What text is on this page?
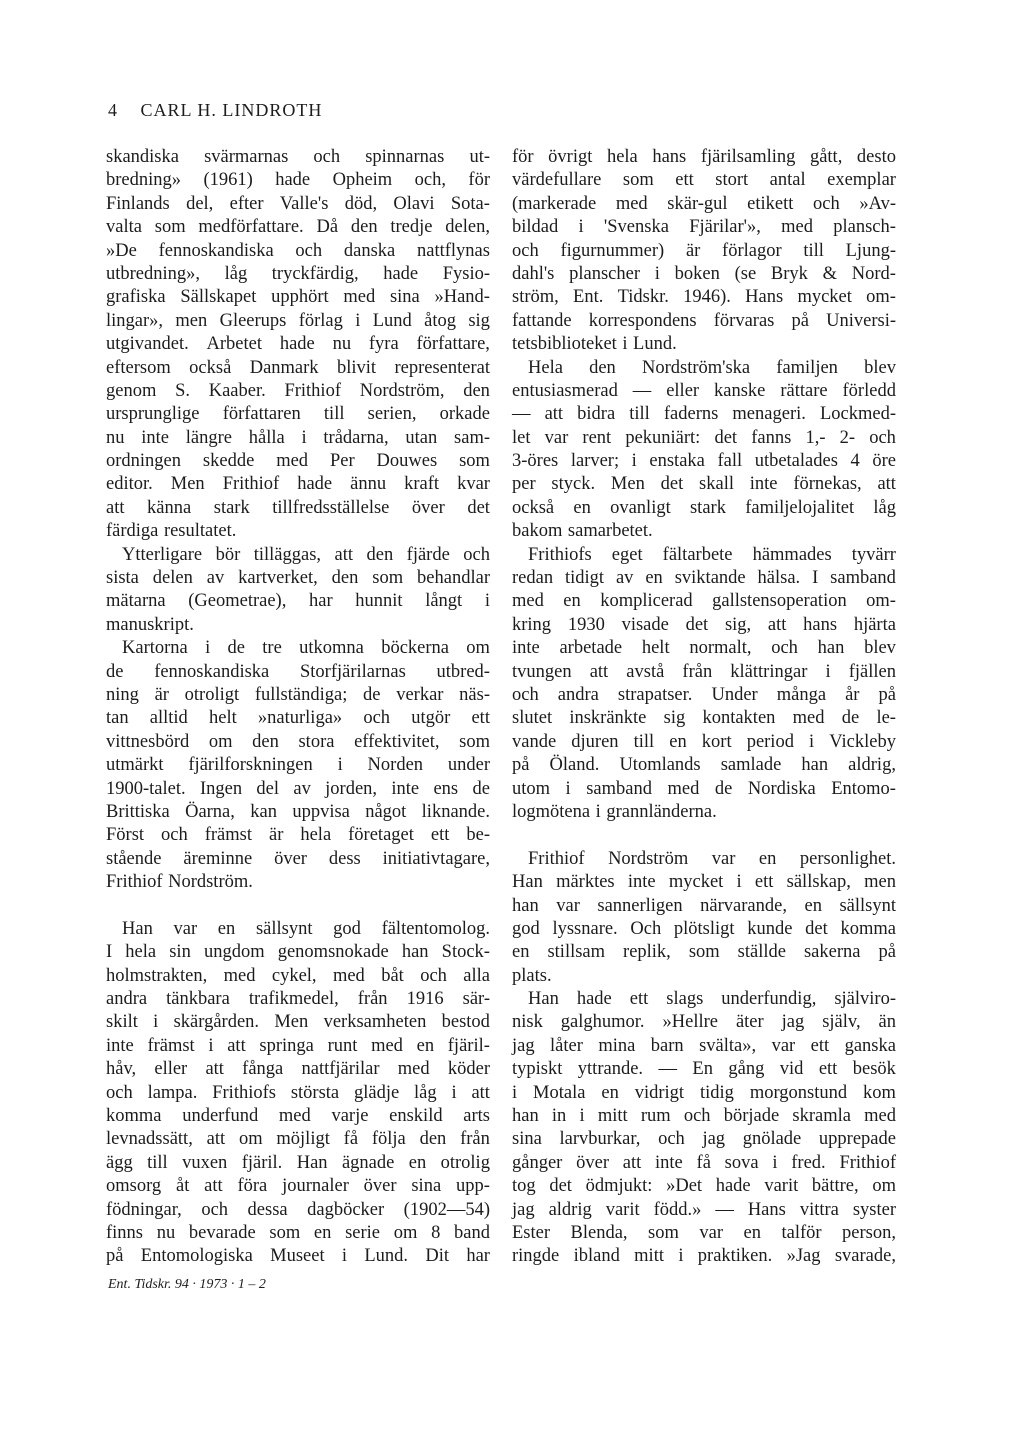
4 CARL H. LINDROTH
skandiska svärmarnas och spinnarnas ut-
bredning» (1961) hade Opheim och, för
Finlands del, efter Valle's död, Olavi Sota-
valta som medförfattare. Då den tredje delen,
»De fennoskandiska och danska nattflynas
utbredning», låg tryckfärdig, hade Fysio-
grafiska Sällskapet upphört med sina »Hand-
lingar», men Gleerups förlag i Lund åtog sig
utgivandet. Arbetet hade nu fyra författare,
eftersom också Danmark blivit representerat
genom S. Kaaber. Frithiof Nordström, den
ursprunglige författaren till serien, orkade
nu inte längre hålla i trådarna, utan sam-
ordningen skedde med Per Douwes som
editor. Men Frithiof hade ännu kraft kvar
att känna stark tillfredsställelse över det
färdiga resultatet.
Ytterligare bör tilläggas, att den fjärde och
sista delen av kartverket, den som behandlar
mätarna (Geometrae), har hunnit långt i
manuskript.
Kartorna i de tre utkomna böckerna om
de fennoskandiska Storfjärilarnas utbred-
ning är otroligt fullständiga; de verkar näs-
tan alltid helt »naturliga» och utgör ett
vittnesbörd om den stora effektivitet, som
utmärkt fjärilforskningen i Norden under
1900-talet. Ingen del av jorden, inte ens de
Brittiska Öarna, kan uppvisa något liknande.
Först och främst är hela företaget ett be-
stående äreminne över dess initiativtagare,
Frithiof Nordström.
Han var en sällsynt god fältentomolog.
I hela sin ungdom genomsnokade han Stock-
holmstrakten, med cykel, med båt och alla
andra tänkbara trafikmedel, från 1916 sär-
skilt i skärgården. Men verksamheten bestod
inte främst i att springa runt med en fjäril-
håv, eller att fånga nattfjärilar med köder
och lampa. Frithiofs största glädje låg i att
komma underfund med varje enskild arts
levnadssätt, att om möjligt få följa den från
ägg till vuxen fjäril. Han ägnade en otrolig
omsorg åt att föra journaler över sina upp-
födningar, och dessa dagböcker (1902—54)
finns nu bevarade som en serie om 8 band
på Entomologiska Museet i Lund. Dit har
för övrigt hela hans fjärilsamling gått, desto
värdefullare som ett stort antal exemplar
(markerade med skär-gul etikett och »Av-
bildad i 'Svenska Fjärilar'», med plansch-
och figurnummer) är förlagor till Ljung-
dahl's planscher i boken (se Bryk & Nord-
ström, Ent. Tidskr. 1946). Hans mycket om-
fattande korrespondens förvaras på Universi-
tetsbiblioteket i Lund.
Hela den Nordström'ska familjen blev
entusiasmerad — eller kanske rättare förledd
— att bidra till faderns menageri. Lockmed-
let var rent pekuniärt: det fanns 1,- 2- och
3-öres larver; i enstaka fall utbetalades 4 öre
per styck. Men det skall inte förnekas, att
också en ovanligt stark familjelojalitet låg
bakom samarbetet.
Frithiofs eget fältarbete hämmades tyvärr
redan tidigt av en sviktande hälsa. I samband
med en komplicerad gallstensoperation om-
kring 1930 visade det sig, att hans hjärta
inte arbetade helt normalt, och han blev
tvungen att avstå från klättringar i fjällen
och andra strapatser. Under många år på
slutet inskränkte sig kontakten med de le-
vande djuren till en kort period i Vickleby
på Öland. Utomlands samlade han aldrig,
utom i samband med de Nordiska Entomo-
logmötena i grannländerna.
Frithiof Nordström var en personlighet.
Han märktes inte mycket i ett sällskap, men
han var sannerligen närvarande, en sällsynt
god lyssnare. Och plötsligt kunde det komma
en stillsam replik, som ställde sakerna på
plats.
Han hade ett slags underfundig, själviro-
nisk galghumor. »Hellre äter jag själv, än
jag låter mina barn svälta», var ett ganska
typiskt yttrande. — En gång vid ett besök
i Motala en vidrigt tidig morgonstund kom
han in i mitt rum och började skramla med
sina larvburkar, och jag gnölade upprepade
gånger över att inte få sova i fred. Frithiof
tog det ödmjukt: »Det hade varit bättre, om
jag aldrig varit född.» — Hans vittra syster
Ester Blenda, som var en talför person,
ringde ibland mitt i praktiken. »Jag svarade,
Ent. Tidskr. 94 · 1973 · 1 – 2
